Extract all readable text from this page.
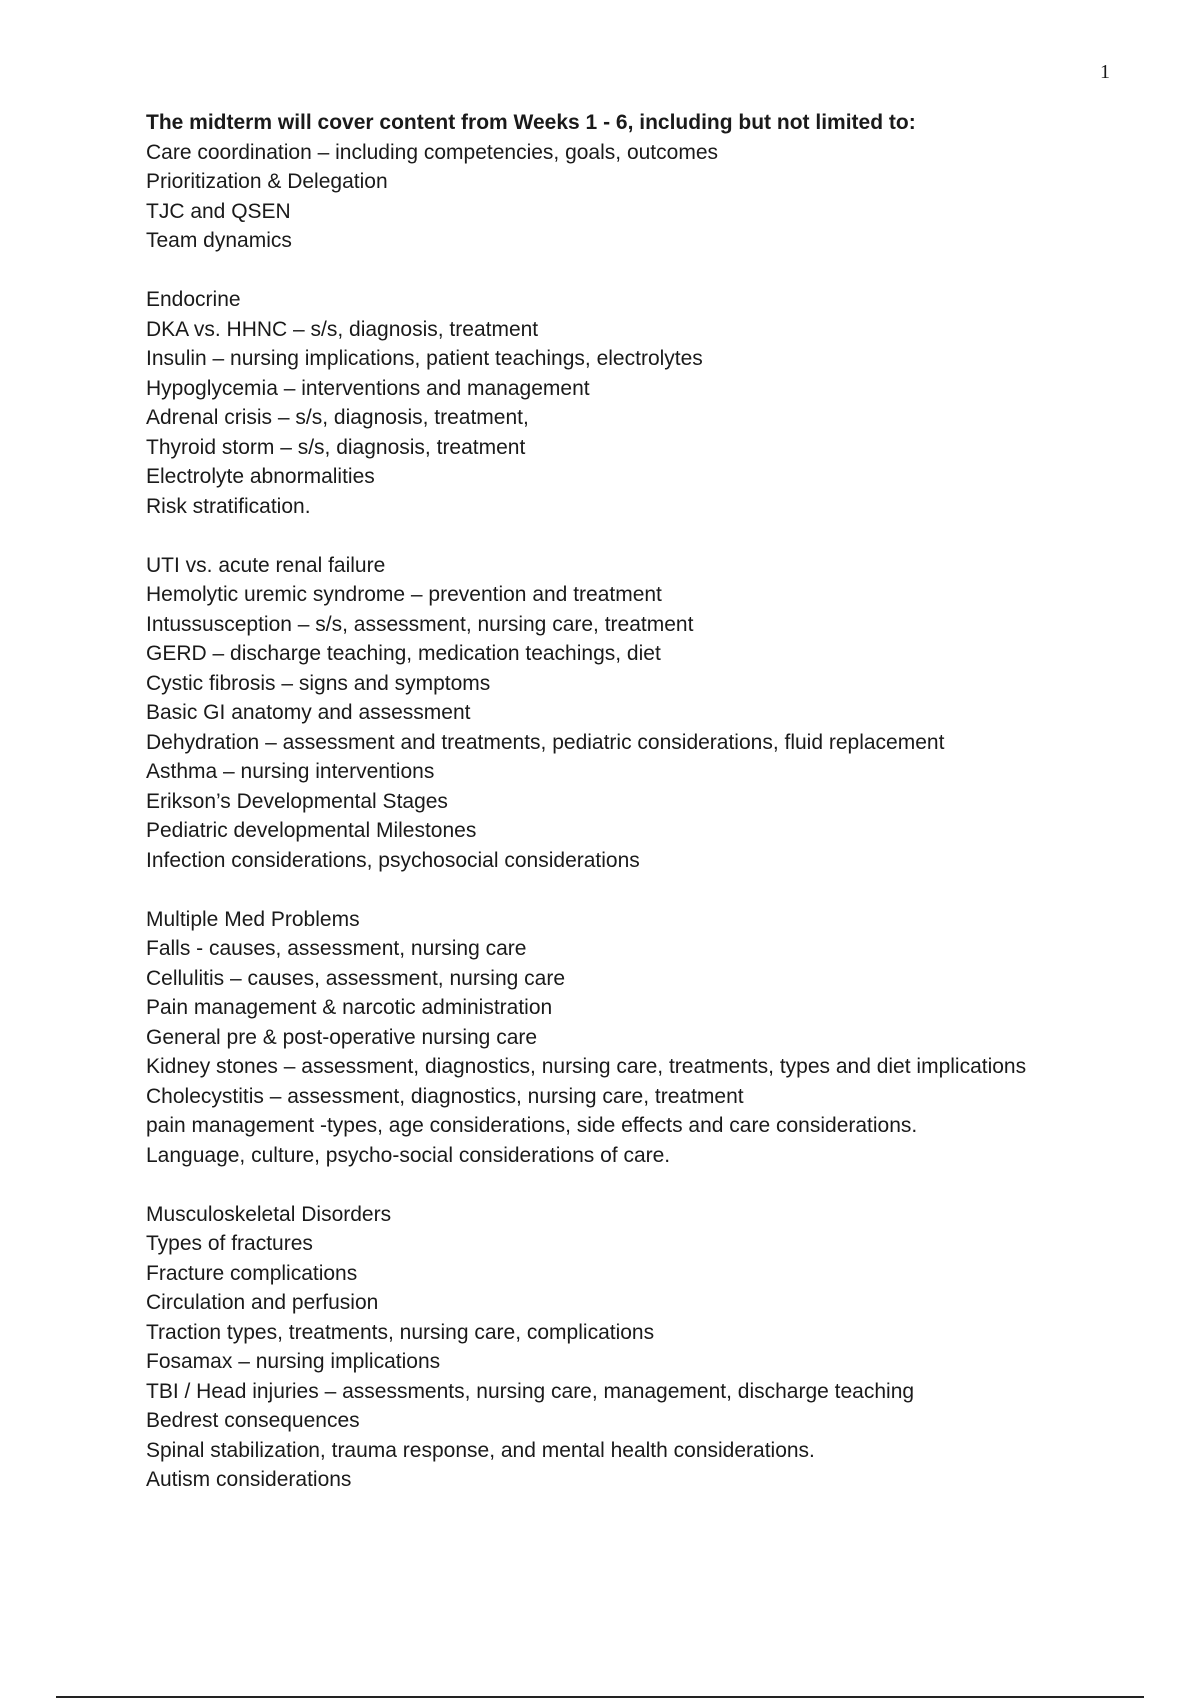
1
The midterm will cover content from Weeks 1 - 6, including but not limited to:
Care coordination – including competencies, goals, outcomes
Prioritization & Delegation
TJC and QSEN
Team dynamics
Endocrine
DKA vs. HHNC – s/s, diagnosis, treatment
Insulin – nursing implications, patient teachings, electrolytes
Hypoglycemia – interventions and management
Adrenal crisis – s/s, diagnosis, treatment,
Thyroid storm – s/s, diagnosis, treatment
Electrolyte abnormalities
Risk stratification.
UTI vs. acute renal failure
Hemolytic uremic syndrome – prevention and treatment
Intussusception – s/s, assessment, nursing care, treatment
GERD – discharge teaching, medication teachings, diet
Cystic fibrosis – signs and symptoms
Basic GI anatomy and assessment
Dehydration – assessment and treatments, pediatric considerations, fluid replacement
Asthma – nursing interventions
Erikson’s Developmental Stages
Pediatric developmental Milestones
Infection considerations, psychosocial considerations
Multiple Med Problems
Falls - causes, assessment, nursing care
Cellulitis – causes, assessment, nursing care
Pain management & narcotic administration
General pre & post-operative nursing care
Kidney stones – assessment, diagnostics, nursing care, treatments, types and diet implications
Cholecystitis – assessment, diagnostics, nursing care, treatment
pain management -types, age considerations, side effects and care considerations.
Language, culture, psycho-social considerations of care.
Musculoskeletal Disorders
Types of fractures
Fracture complications
Circulation and perfusion
Traction types, treatments, nursing care, complications
Fosamax – nursing implications
TBI / Head injuries – assessments, nursing care, management, discharge teaching
Bedrest consequences
Spinal stabilization, trauma response, and mental health considerations.
Autism considerations
